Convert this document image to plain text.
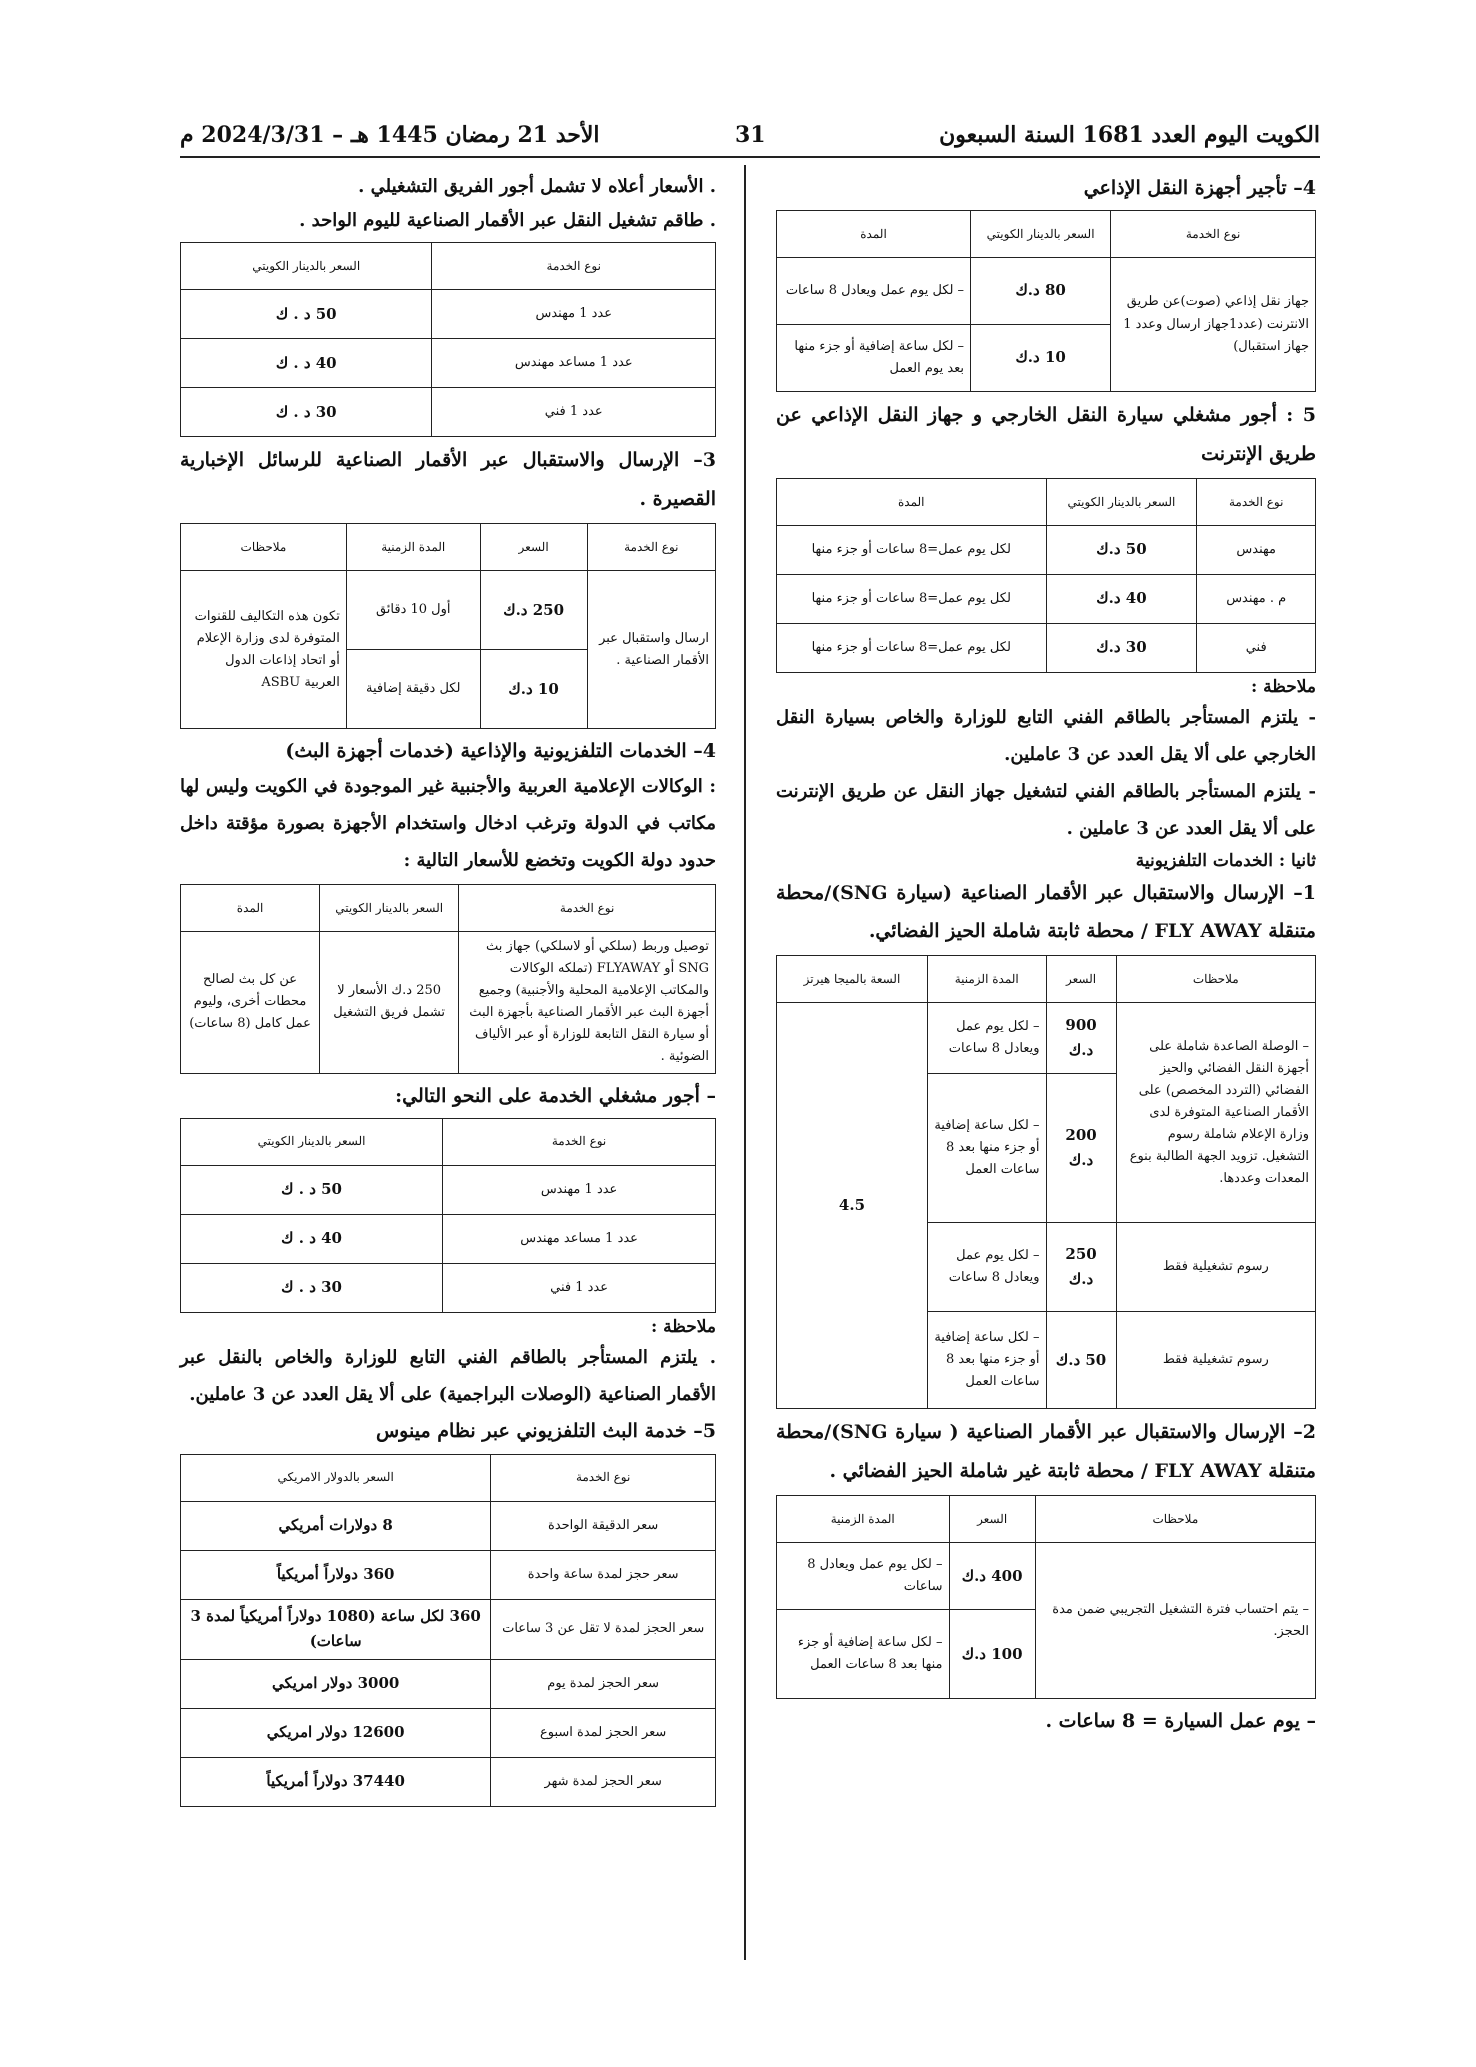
الكويت اليوم العدد 1681 السنة السبعون
31
الأحد 21 رمضان 1445 هـ – 2024/3/31 م

4– تأجير أجهزة النقل الإذاعي

نوع الخدمة	السعر بالدينار الكويتي	المدة
جهاز نقل إذاعي (صوت)عن طريق الانترنت (عدد1جهاز ارسال وعدد 1 جهاز استقبال)	80 د.ك	– لكل يوم عمل ويعادل 8 ساعات
	10 د.ك	– لكل ساعة إضافية أو جزء منها بعد يوم العمل

5 : أجور مشغلي سيارة النقل الخارجي و جهاز النقل الإذاعي عن طريق الإنترنت

نوع الخدمة	السعر بالدينار الكويتي	المدة
مهندس	50 د.ك	لكل يوم عمل=8 ساعات أو جزء منها
م . مهندس	40 د.ك	لكل يوم عمل=8 ساعات أو جزء منها
فني	30 د.ك	لكل يوم عمل=8 ساعات أو جزء منها

ملاحظة :

- يلتزم المستأجر بالطاقم الفني التابع للوزارة والخاص بسيارة النقل الخارجي على ألا يقل العدد عن 3 عاملين.

- يلتزم المستأجر بالطاقم الفني لتشغيل جهاز النقل عن طريق الإنترنت على ألا يقل العدد عن 3 عاملين .

ثانيا : الخدمات التلفزيونية

1– الإرسال والاستقبال عبر الأقمار الصناعية (سيارة SNG)/محطة متنقلة FLY AWAY / محطة ثابتة شاملة الحيز الفضائي.

ملاحظات	السعر	المدة الزمنية	السعة بالميجا هيرتز
– الوصلة الصاعدة شاملة على أجهزة النقل الفضائي والحيز الفضائي (التردد المخصص) على الأقمار الصناعية المتوفرة لدى وزارة الإعلام شاملة رسوم التشغيل. تزويد الجهة الطالبة بنوع المعدات وعددها.	900 د.ك	– لكل يوم عمل ويعادل 8 ساعات	4.5
	200 د.ك	– لكل ساعة إضافية أو جزء منها بعد 8 ساعات العمل	
رسوم تشغيلية فقط	250 د.ك	– لكل يوم عمل ويعادل 8 ساعات	
رسوم تشغيلية فقط	50 د.ك	– لكل ساعة إضافية أو جزء منها بعد 8 ساعات العمل	

2– الإرسال والاستقبال عبر الأقمار الصناعية ( سيارة SNG)/محطة متنقلة FLY AWAY / محطة ثابتة غير شاملة الحيز الفضائي .

ملاحظات	السعر	المدة الزمنية
– يتم احتساب فترة التشغيل التجريبي ضمن مدة الحجز.	400 د.ك	– لكل يوم عمل ويعادل 8 ساعات
	100 د.ك	– لكل ساعة إضافية أو جزء منها بعد 8 ساعات العمل

– يوم عمل السيارة = 8 ساعات .

. الأسعار أعلاه لا تشمل أجور الفريق التشغيلي .

. طاقم تشغيل النقل عبر الأقمار الصناعية لليوم الواحد .

نوع الخدمة	السعر بالدينار الكويتي
عدد 1 مهندس	50 د . ك
عدد 1 مساعد مهندس	40 د . ك
عدد 1 فني	30 د . ك

3– الإرسال والاستقبال عبر الأقمار الصناعية للرسائل الإخبارية القصيرة .

نوع الخدمة	السعر	المدة الزمنية	ملاحظات
ارسال واستقبال عبر الأقمار الصناعية .	250 د.ك	أول 10 دقائق	تكون هذه التكاليف للقنوات المتوفرة لدى وزارة الإعلام أو اتحاد إذاعات الدول العربية ASBU
	10 د.ك	لكل دقيقة إضافية	

4– الخدمات التلفزيونية والإذاعية (خدمات أجهزة البث)

: الوكالات الإعلامية العربية والأجنبية غير الموجودة في الكويت وليس لها مكاتب في الدولة وترغب ادخال واستخدام الأجهزة بصورة مؤقتة داخل حدود دولة الكويت وتخضع للأسعار التالية :

نوع الخدمة	السعر بالدينار الكويتي	المدة
توصيل وربط (سلكي أو لاسلكي) جهاز بث SNG أو FLYAWAY (تملكه الوكالات والمكاتب الإعلامية المحلية والأجنبية) وجميع أجهزة البث عبر الأقمار الصناعية بأجهزة البث أو سيارة النقل التابعة للوزارة أو عبر الألياف الضوئية .	250 د.ك الأسعار لا تشمل فريق التشغيل	عن كل بث لصالح محطات أخرى، وليوم عمل كامل (8 ساعات)

– أجور مشغلي الخدمة على النحو التالي:

نوع الخدمة	السعر بالدينار الكويتي
عدد 1 مهندس	50 د . ك
عدد 1 مساعد مهندس	40 د . ك
عدد 1 فني	30 د . ك

ملاحظة :

. يلتزم المستأجر بالطاقم الفني التابع للوزارة والخاص بالنقل عبر الأقمار الصناعية (الوصلات البراجمية) على ألا يقل العدد عن 3 عاملين.

5– خدمة البث التلفزيوني عبر نظام مينوس

نوع الخدمة	السعر بالدولار الامريكي
سعر الدقيقة الواحدة	8 دولارات أمريكي
سعر حجز لمدة ساعة واحدة	360 دولاراً أمريكياً
سعر الحجز لمدة لا تقل عن 3 ساعات	360 لكل ساعة (1080 دولاراً أمريكياً لمدة 3 ساعات)
سعر الحجز لمدة يوم	3000 دولار امريكي
سعر الحجز لمدة اسبوع	12600 دولار امريكي
سعر الحجز لمدة شهر	37440 دولاراً أمريكياً
